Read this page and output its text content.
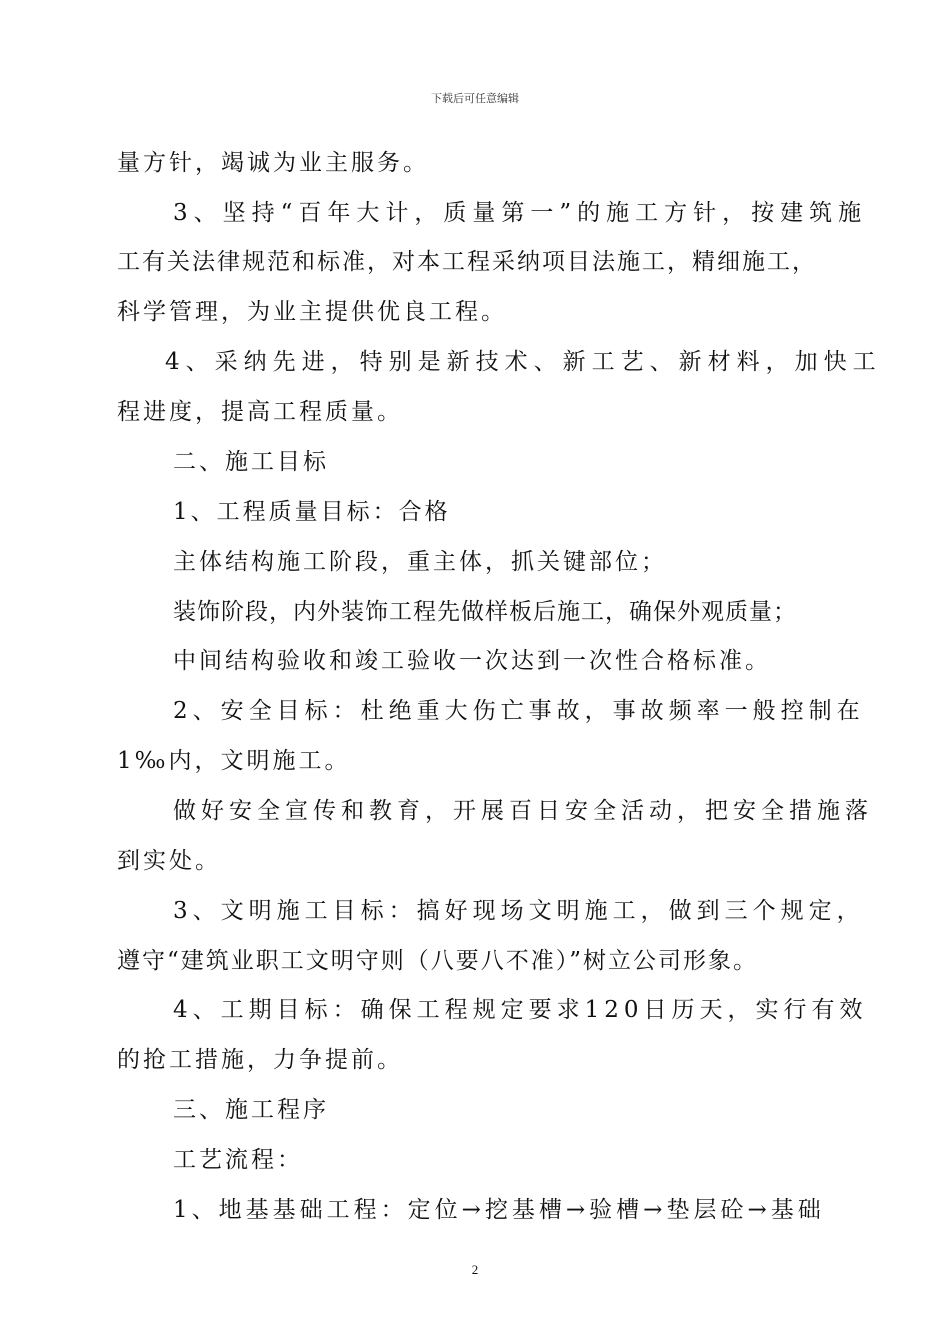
下载后可任意编辑
量方针，竭诚为业主服务。
3、坚持“百年大计，质量第一”的施工方针，按建筑施
工有关法律规范和标准，对本工程采纳项目法施工，精细施工，
科学管理，为业主提供优良工程。
4、采纳先进，特别是新技术、新工艺、新材料，加快工
程进度，提高工程质量。
二、施工目标
1、工程质量目标：合格
主体结构施工阶段，重主体，抓关键部位；
装饰阶段，内外装饰工程先做样板后施工，确保外观质量；
中间结构验收和竣工验收一次达到一次性合格标准。
2、安全目标：杜绝重大伤亡事故，事故频率一般控制在
1‰内，文明施工。
做好安全宣传和教育，开展百日安全活动，把安全措施落
到实处。
3、文明施工目标：搞好现场文明施工，做到三个规定，
遵守“建筑业职工文明守则（八要八不准）”树立公司形象。
4、工期目标：确保工程规定要求120日历天，实行有效
的抢工措施，力争提前。
三、施工程序
工艺流程：
1、地基基础工程：定位→挖基槽→验槽→垫层砼→基础
2
